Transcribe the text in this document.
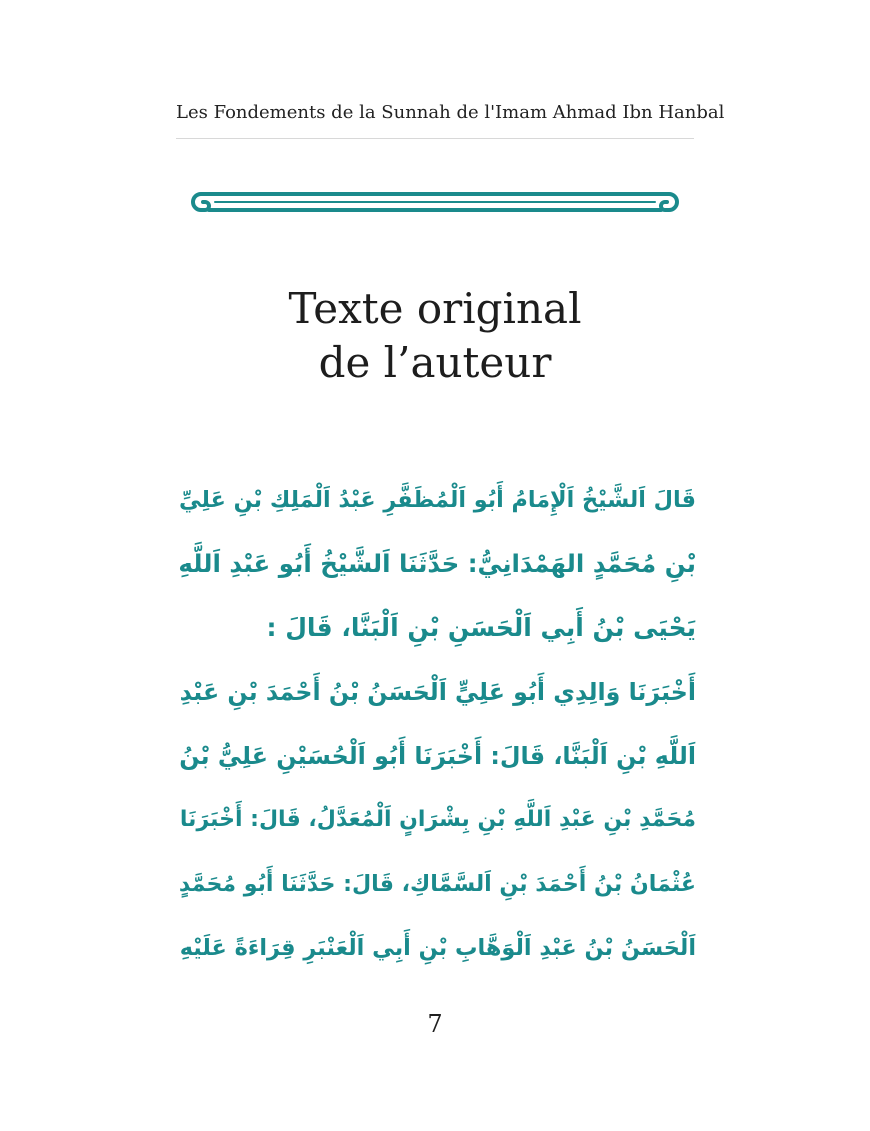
Les Fondements de la Sunnah de l'Imam Ahmad Ibn Hanbal
Texte original
de l’auteur
قَالَ اَلشَّيْخُ اَلْإِمَامُ أَبُو اَلْمُظَفَّرِ عَبْدُ اَلْمَلِكِ بْنِ عَلِيِّ
بْنِ مُحَمَّدٍ الهَمْدَانِيُّ: حَدَّثَنَا اَلشَّيْخُ أَبُو عَبْدِ اَللَّهِ
يَحْيَى بْنُ أَبِي اَلْحَسَنِ بْنِ اَلْبَنَّا، قَالَ :
أَخْبَرَنَا وَالِدِي أَبُو عَلِيٍّ اَلْحَسَنُ بْنُ أَحْمَدَ بْنِ عَبْدِ
اَللَّهِ بْنِ اَلْبَنَّا، قَالَ: أَخْبَرَنَا أَبُو اَلْحُسَيْنِ عَلِيُّ بْنُ
مُحَمَّدِ بْنِ عَبْدِ اَللَّهِ بْنِ بِشْرَانٍ اَلْمُعَدَّلُ، قَالَ: أَخْبَرَنَا
عُثْمَانُ بْنُ أَحْمَدَ بْنِ اَلسَّمَّاكِ، قَالَ: حَدَّثَنَا أَبُو مُحَمَّدٍ
اَلْحَسَنُ بْنُ عَبْدِ اَلْوَهَّابِ بْنِ أَبِي اَلْعَنْبَرِ قِرَاءَةً عَلَيْهِ
7
